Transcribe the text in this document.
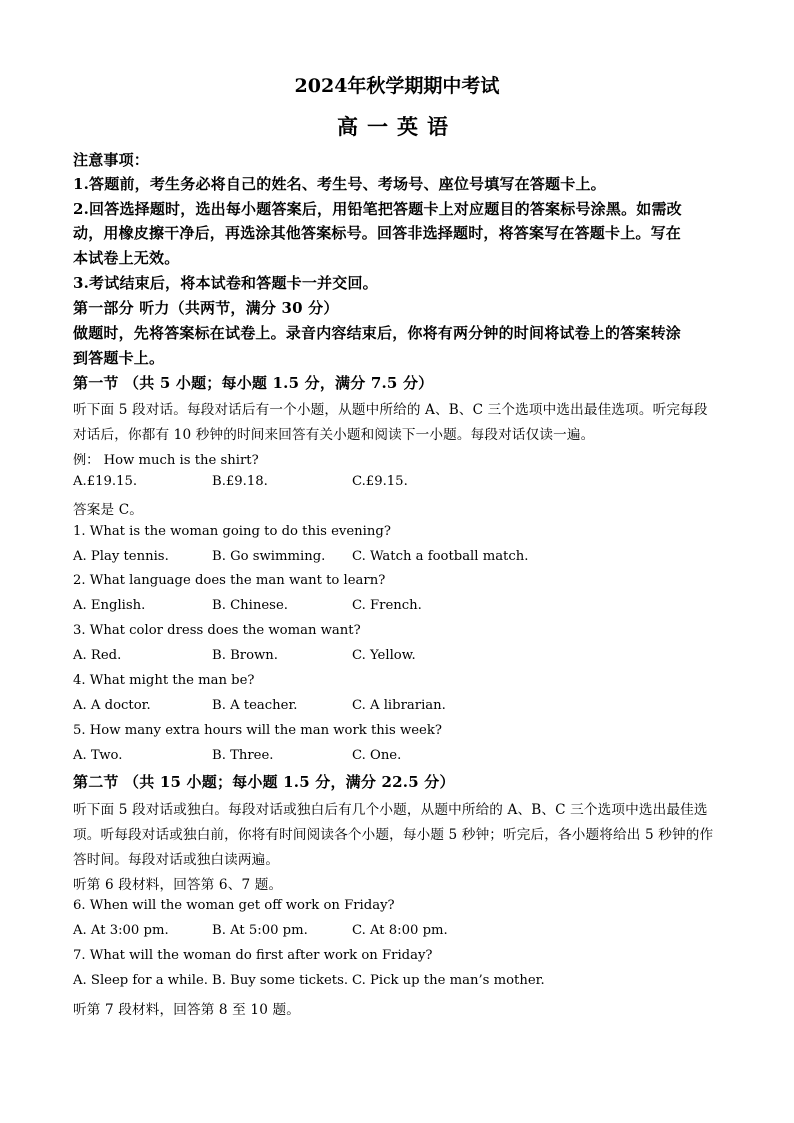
2024年秋学期期中考试
高一英语
注意事项：
1.答题前，考生务必将自己的姓名、考生号、考场号、座位号填写在答题卡上。
2.回答选择题时，选出每小题答案后，用铅笔把答题卡上对应题目的答案标号涂黑。如需改
动，用橡皮擦干净后，再选涂其他答案标号。回答非选择题时，将答案写在答题卡上。写在
本试卷上无效。
3.考试结束后，将本试卷和答题卡一并交回。
第一部分 听力（共两节，满分 30 分）
做题时，先将答案标在试卷上。录音内容结束后，你将有两分钟的时间将试卷上的答案转涂
到答题卡上。
第一节 （共 5 小题；每小题 1.5 分，满分 7.5 分）
听下面 5 段对话。每段对话后有一个小题，从题中所给的 A、B、C 三个选项中选出最佳选项。听完每段
对话后，你都有 10 秒钟的时间来回答有关小题和阅读下一小题。每段对话仅读一遍。
例： How much is the shirt?
A.£19.15.	B.£9.18.	C.£9.15.
答案是 C。
1. What is the woman going to do this evening?
A. Play tennis.	B. Go swimming. C. Watch a football match.
2. What language does the man want to learn?
A. English.	B. Chinese.	C. French.
3. What color dress does the woman want?
A. Red.	B. Brown.	C. Yellow.
4. What might the man be?
A. A doctor.	B. A teacher.	C. A librarian.
5. How many extra hours will the man work this week?
A. Two.	B. Three.	C. One.
第二节 （共 15 小题；每小题 1.5 分，满分 22.5 分）
听下面 5 段对话或独白。每段对话或独白后有几个小题，从题中所给的 A、B、C 三个选项中选出最佳选
项。听每段对话或独白前，你将有时间阅读各个小题，每小题 5 秒钟；听完后，各小题将给出 5 秒钟的作
答时间。每段对话或独白读两遍。
听第 6 段材料，回答第 6、7 题。
6. When will the woman get off work on Friday?
A. At 3:00 pm.	B. At 5:00 pm.	C. At 8:00 pm.
7. What will the woman do first after work on Friday?
A. Sleep for a while. B. Buy some tickets. C. Pick up the man’s mother.
听第 7 段材料，回答第 8 至 10 题。
